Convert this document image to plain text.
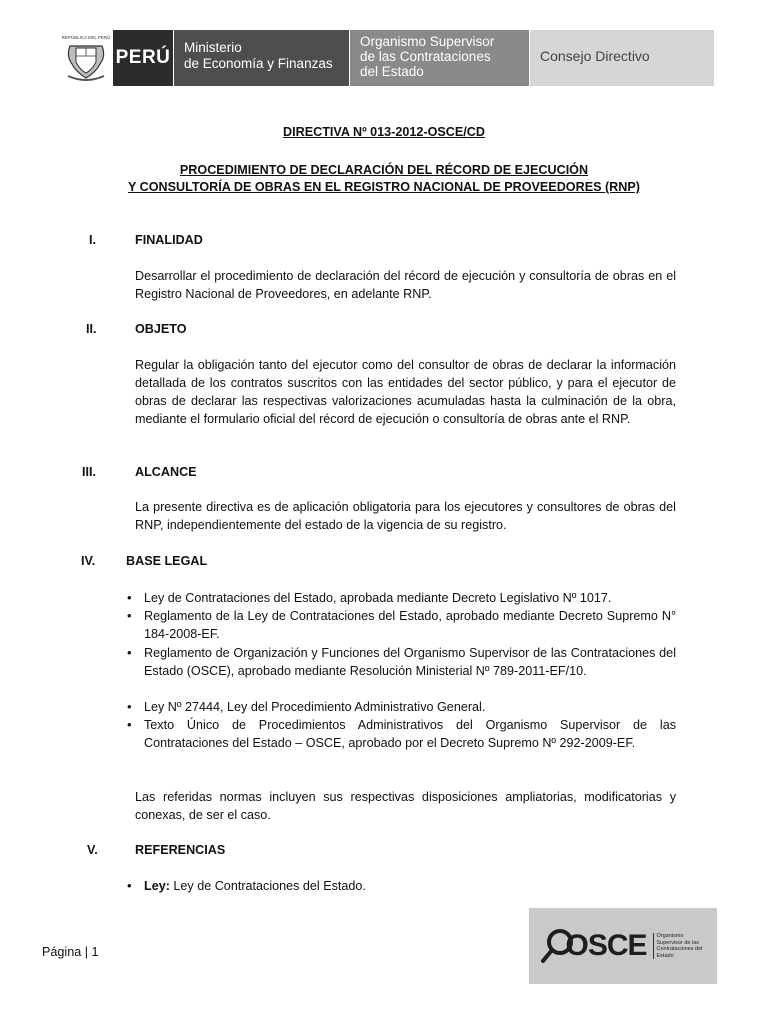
REPÚBLICA DEL PERÚ
PERÚ Ministerio
de Economía y Finanzas
Organismo Supervisor
de las Contrataciones
del Estado
Consejo Directivo
DIRECTIVA Nº 013-2012-OSCE/CD
PROCEDIMIENTO DE DECLARACIÓN DEL RÉCORD DE EJECUCIÓN
Y CONSULTORÍA DE OBRAS EN EL REGISTRO NACIONAL DE PROVEEDORES (RNP)
I.	FINALIDAD
Desarrollar el procedimiento de declaración del récord de ejecución y consultoría de obras en el Registro Nacional de Proveedores, en adelante RNP.
II.	OBJETO
Regular la obligación tanto del ejecutor como del consultor de obras de declarar la información detallada de los contratos suscritos con las entidades del sector público, y para el ejecutor de obras de declarar las respectivas valorizaciones acumuladas hasta la culminación de la obra, mediante el formulario oficial del récord de ejecución o consultoría de obras ante el RNP.
III.	ALCANCE
La presente directiva es de aplicación obligatoria para los ejecutores y consultores de obras del RNP, independientemente del estado de la vigencia de su registro.
IV. BASE LEGAL
• Ley de Contrataciones del Estado, aprobada mediante Decreto Legislativo Nº 1017.
• Reglamento de la Ley de Contrataciones del Estado, aprobado mediante Decreto Supremo N° 184-2008-EF.
• Reglamento de Organización y Funciones del Organismo Supervisor de las Contrataciones del Estado (OSCE), aprobado mediante Resolución Ministerial Nº 789-2011-EF/10.
• Ley Nº 27444, Ley del Procedimiento Administrativo General.
• Texto Único de Procedimientos Administrativos del Organismo Supervisor de las Contrataciones del Estado – OSCE, aprobado por el Decreto Supremo Nº 292-2009-EF.
Las referidas normas incluyen sus respectivas disposiciones ampliatorias, modificatorias y conexas, de ser el caso.
V.	REFERENCIAS
• Ley: Ley de Contrataciones del Estado.
Página | 1	OSCE	Organismo Supervisor de las Contrataciones del Estado
